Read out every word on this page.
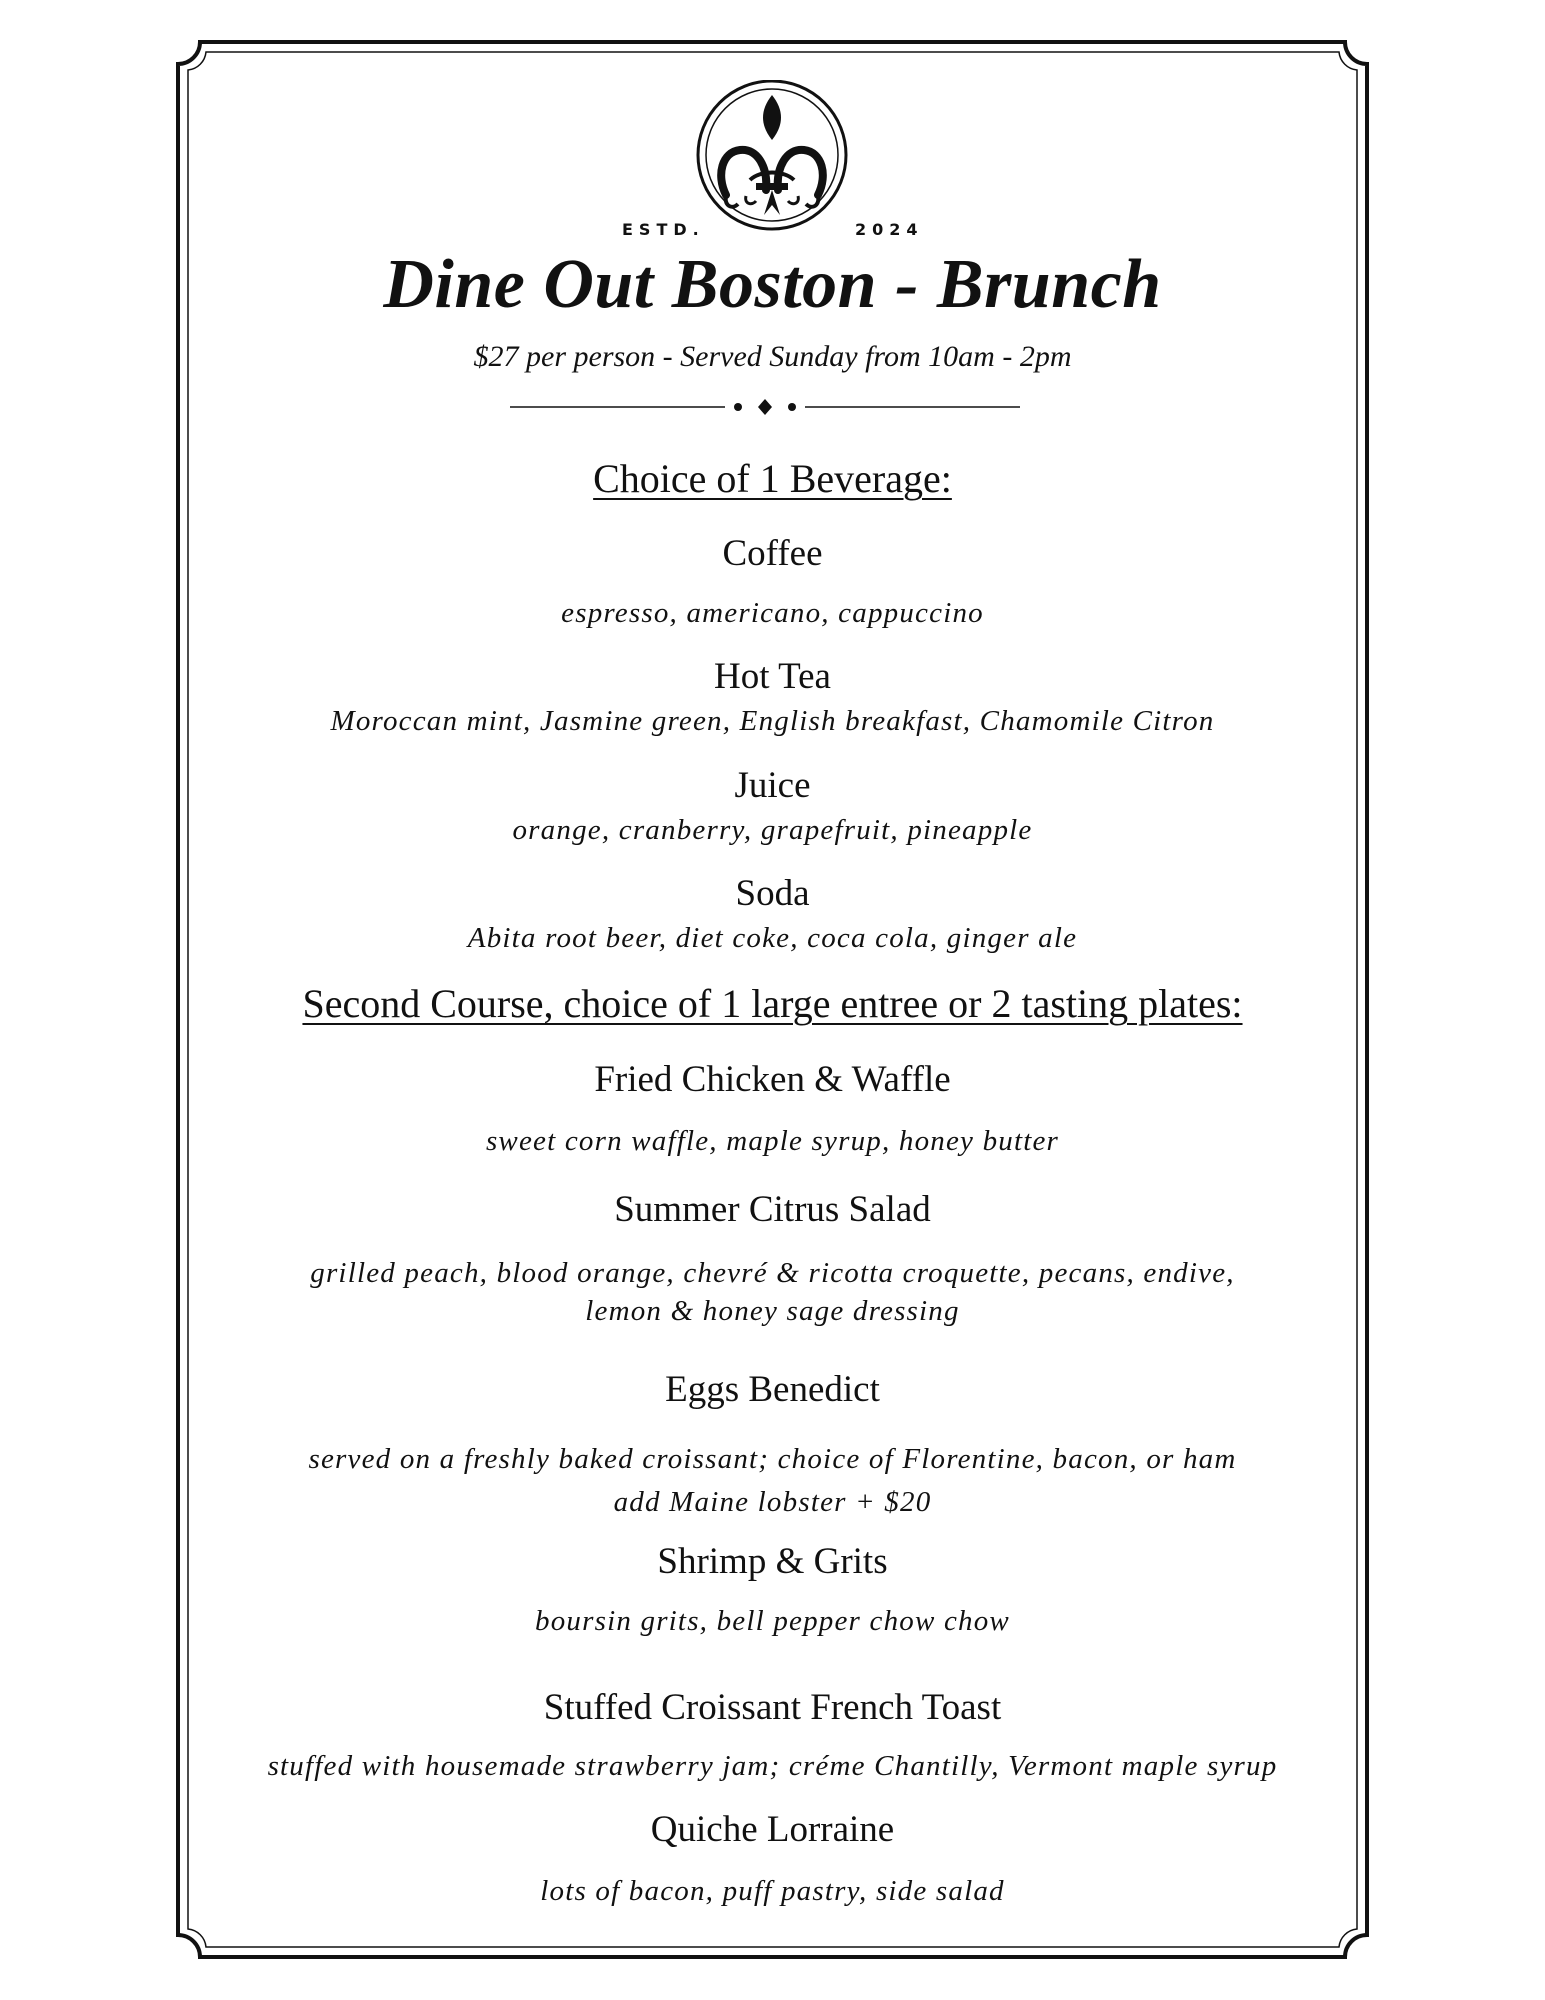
ESTD.	2024
Dine Out Boston - Brunch
$27 per person - Served Sunday from 10am - 2pm
Choice of 1 Beverage:
Coffee
espresso, americano, cappuccino
Hot Tea
Moroccan mint, Jasmine green, English breakfast, Chamomile Citron
Juice
orange, cranberry, grapefruit, pineapple
Soda
Abita root beer, diet coke, coca cola, ginger ale
Second Course, choice of 1 large entree or 2 tasting plates:
Fried Chicken & Waffle
sweet corn waffle, maple syrup, honey butter
Summer Citrus Salad
grilled peach, blood orange, chevré & ricotta croquette, pecans, endive,
lemon & honey sage dressing
Eggs Benedict
served on a freshly baked croissant; choice of Florentine, bacon, or ham
add Maine lobster + $20
Shrimp & Grits
boursin grits, bell pepper chow chow
Stuffed Croissant French Toast
stuffed with housemade strawberry jam; créme Chantilly, Vermont maple syrup
Quiche Lorraine
lots of bacon, puff pastry, side salad
